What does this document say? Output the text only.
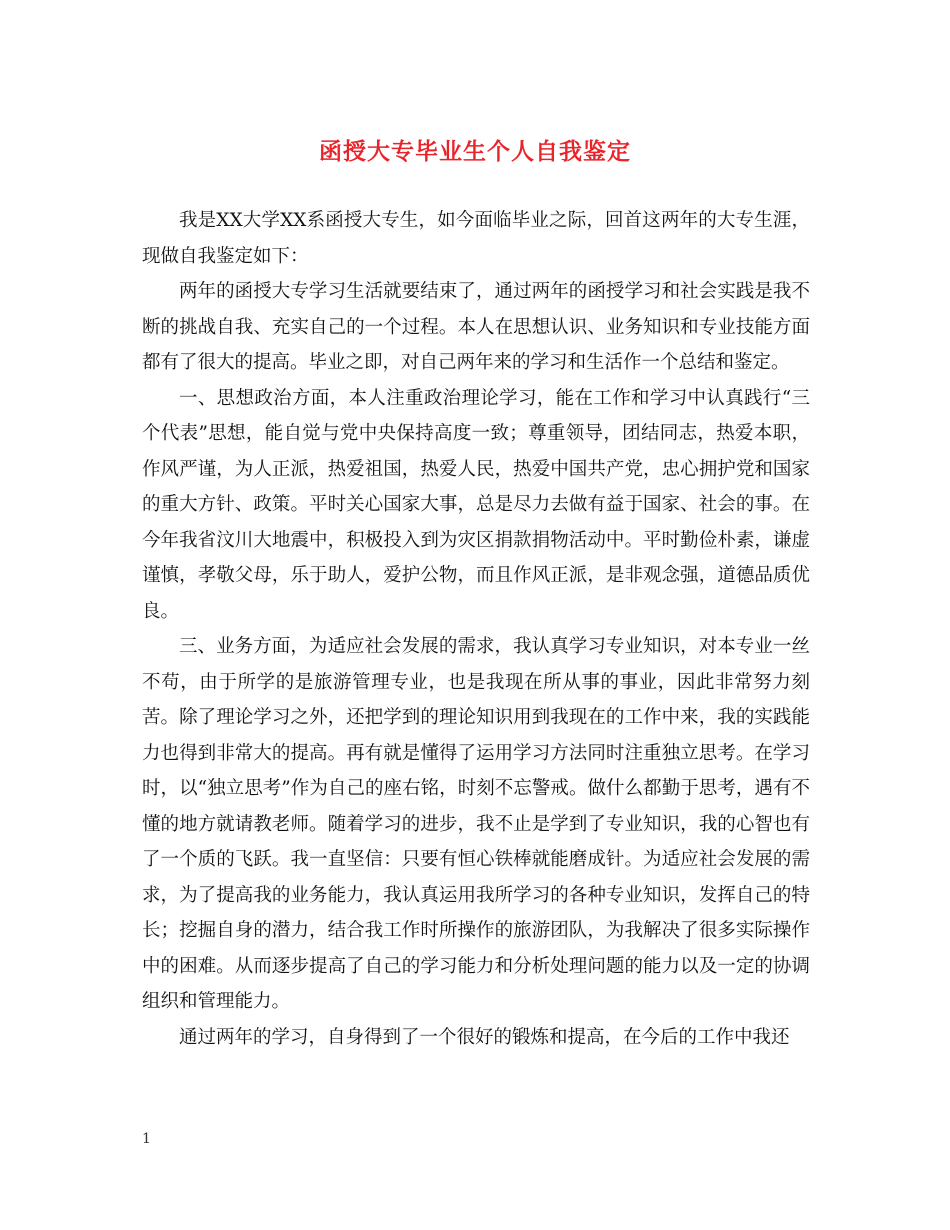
函授大专毕业生个人自我鉴定

我是XX大学XX系函授大专生，如今面临毕业之际，回首这两年的大专生涯，现做自我鉴定如下：

两年的函授大专学习生活就要结束了，通过两年的函授学习和社会实践是我不断的挑战自我、充实自己的一个过程。本人在思想认识、业务知识和专业技能方面都有了很大的提高。毕业之即，对自己两年来的学习和生活作一个总结和鉴定。

一、思想政治方面，本人注重政治理论学习，能在工作和学习中认真践行“三个代表”思想，能自觉与党中央保持高度一致；尊重领导，团结同志，热爱本职，作风严谨，为人正派，热爱祖国，热爱人民，热爱中国共产党，忠心拥护党和国家的重大方针、政策。平时关心国家大事，总是尽力去做有益于国家、社会的事。在今年我省汶川大地震中，积极投入到为灾区捐款捐物活动中。平时勤俭朴素，谦虚谨慎，孝敬父母，乐于助人，爱护公物，而且作风正派，是非观念强，道德品质优良。

三、业务方面，为适应社会发展的需求，我认真学习专业知识，对本专业一丝不苟，由于所学的是旅游管理专业，也是我现在所从事的事业，因此非常努力刻苦。除了理论学习之外，还把学到的理论知识用到我现在的工作中来，我的实践能力也得到非常大的提高。再有就是懂得了运用学习方法同时注重独立思考。在学习时，以“独立思考”作为自己的座右铭，时刻不忘警戒。做什么都勤于思考，遇有不懂的地方就请教老师。随着学习的进步，我不止是学到了专业知识，我的心智也有了一个质的飞跃。我一直坚信：只要有恒心铁棒就能磨成针。为适应社会发展的需求，为了提高我的业务能力，我认真运用我所学习的各种专业知识，发挥自己的特长；挖掘自身的潜力，结合我工作时所操作的旅游团队，为我解决了很多实际操作中的困难。从而逐步提高了自己的学习能力和分析处理问题的能力以及一定的协调组织和管理能力。

通过两年的学习，自身得到了一个很好的锻炼和提高，在今后的工作中我还

1
